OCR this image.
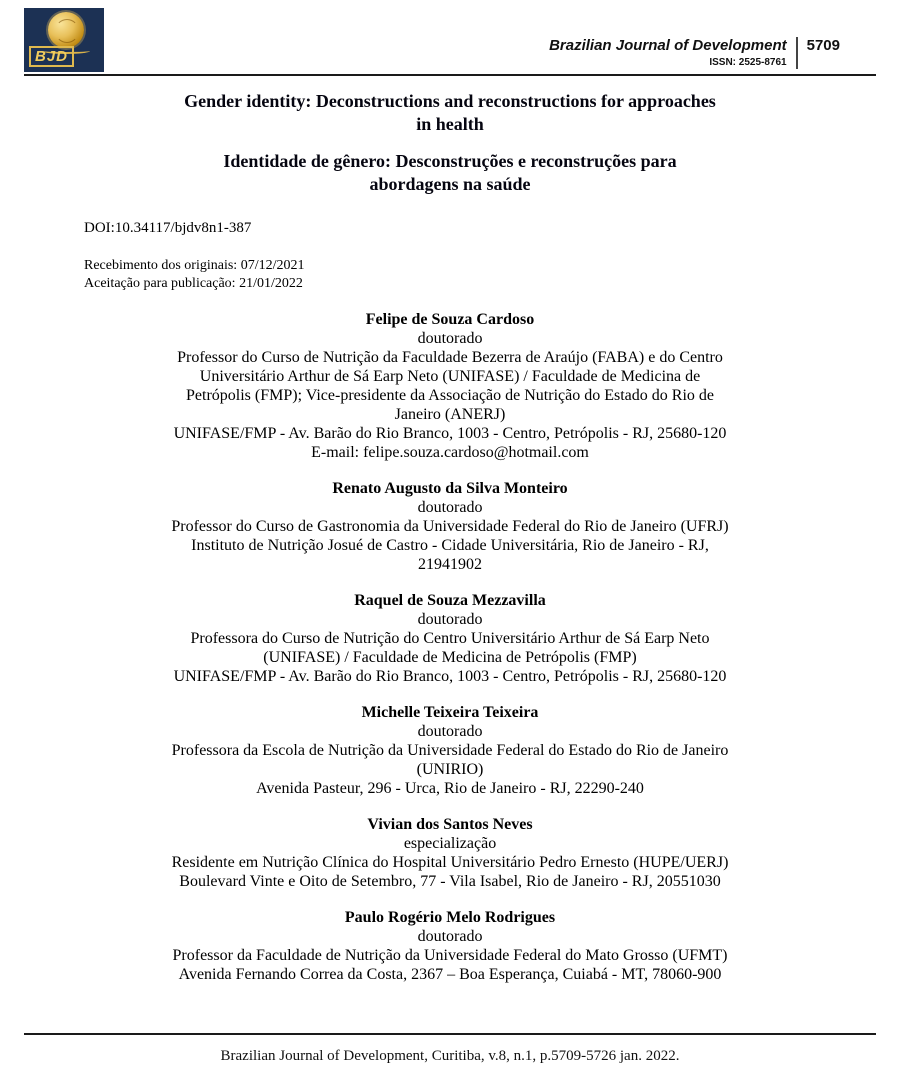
BJD
Brazilian Journal of Development
ISSN: 2525-8761
5709
Gender identity: Deconstructions and reconstructions for approaches
in health
Identidade de gênero: Desconstruções e reconstruções para
abordagens na saúde
DOI:10.34117/bjdv8n1-387
Recebimento dos originais: 07/12/2021
Aceitação para publicação: 21/01/2022
Felipe de Souza Cardoso
doutorado
Professor do Curso de Nutrição da Faculdade Bezerra de Araújo (FABA) e do Centro
Universitário Arthur de Sá Earp Neto (UNIFASE) / Faculdade de Medicina de
Petrópolis (FMP); Vice-presidente da Associação de Nutrição do Estado do Rio de
Janeiro (ANERJ)
UNIFASE/FMP - Av. Barão do Rio Branco, 1003 - Centro, Petrópolis - RJ, 25680-120
E-mail: felipe.souza.cardoso@hotmail.com
Renato Augusto da Silva Monteiro
doutorado
Professor do Curso de Gastronomia da Universidade Federal do Rio de Janeiro (UFRJ)
Instituto de Nutrição Josué de Castro - Cidade Universitária, Rio de Janeiro - RJ,
21941902
Raquel de Souza Mezzavilla
doutorado
Professora do Curso de Nutrição do Centro Universitário Arthur de Sá Earp Neto
(UNIFASE) / Faculdade de Medicina de Petrópolis (FMP)
UNIFASE/FMP - Av. Barão do Rio Branco, 1003 - Centro, Petrópolis - RJ, 25680-120
Michelle Teixeira Teixeira
doutorado
Professora da Escola de Nutrição da Universidade Federal do Estado do Rio de Janeiro
(UNIRIO)
Avenida Pasteur, 296 - Urca, Rio de Janeiro - RJ, 22290-240
Vivian dos Santos Neves
especialização
Residente em Nutrição Clínica do Hospital Universitário Pedro Ernesto (HUPE/UERJ)
Boulevard Vinte e Oito de Setembro, 77 - Vila Isabel, Rio de Janeiro - RJ, 20551030
Paulo Rogério Melo Rodrigues
doutorado
Professor da Faculdade de Nutrição da Universidade Federal do Mato Grosso (UFMT)
Avenida Fernando Correa da Costa, 2367 – Boa Esperança, Cuiabá - MT, 78060-900
Brazilian Journal of Development, Curitiba, v.8, n.1, p.5709-5726 jan. 2022.
